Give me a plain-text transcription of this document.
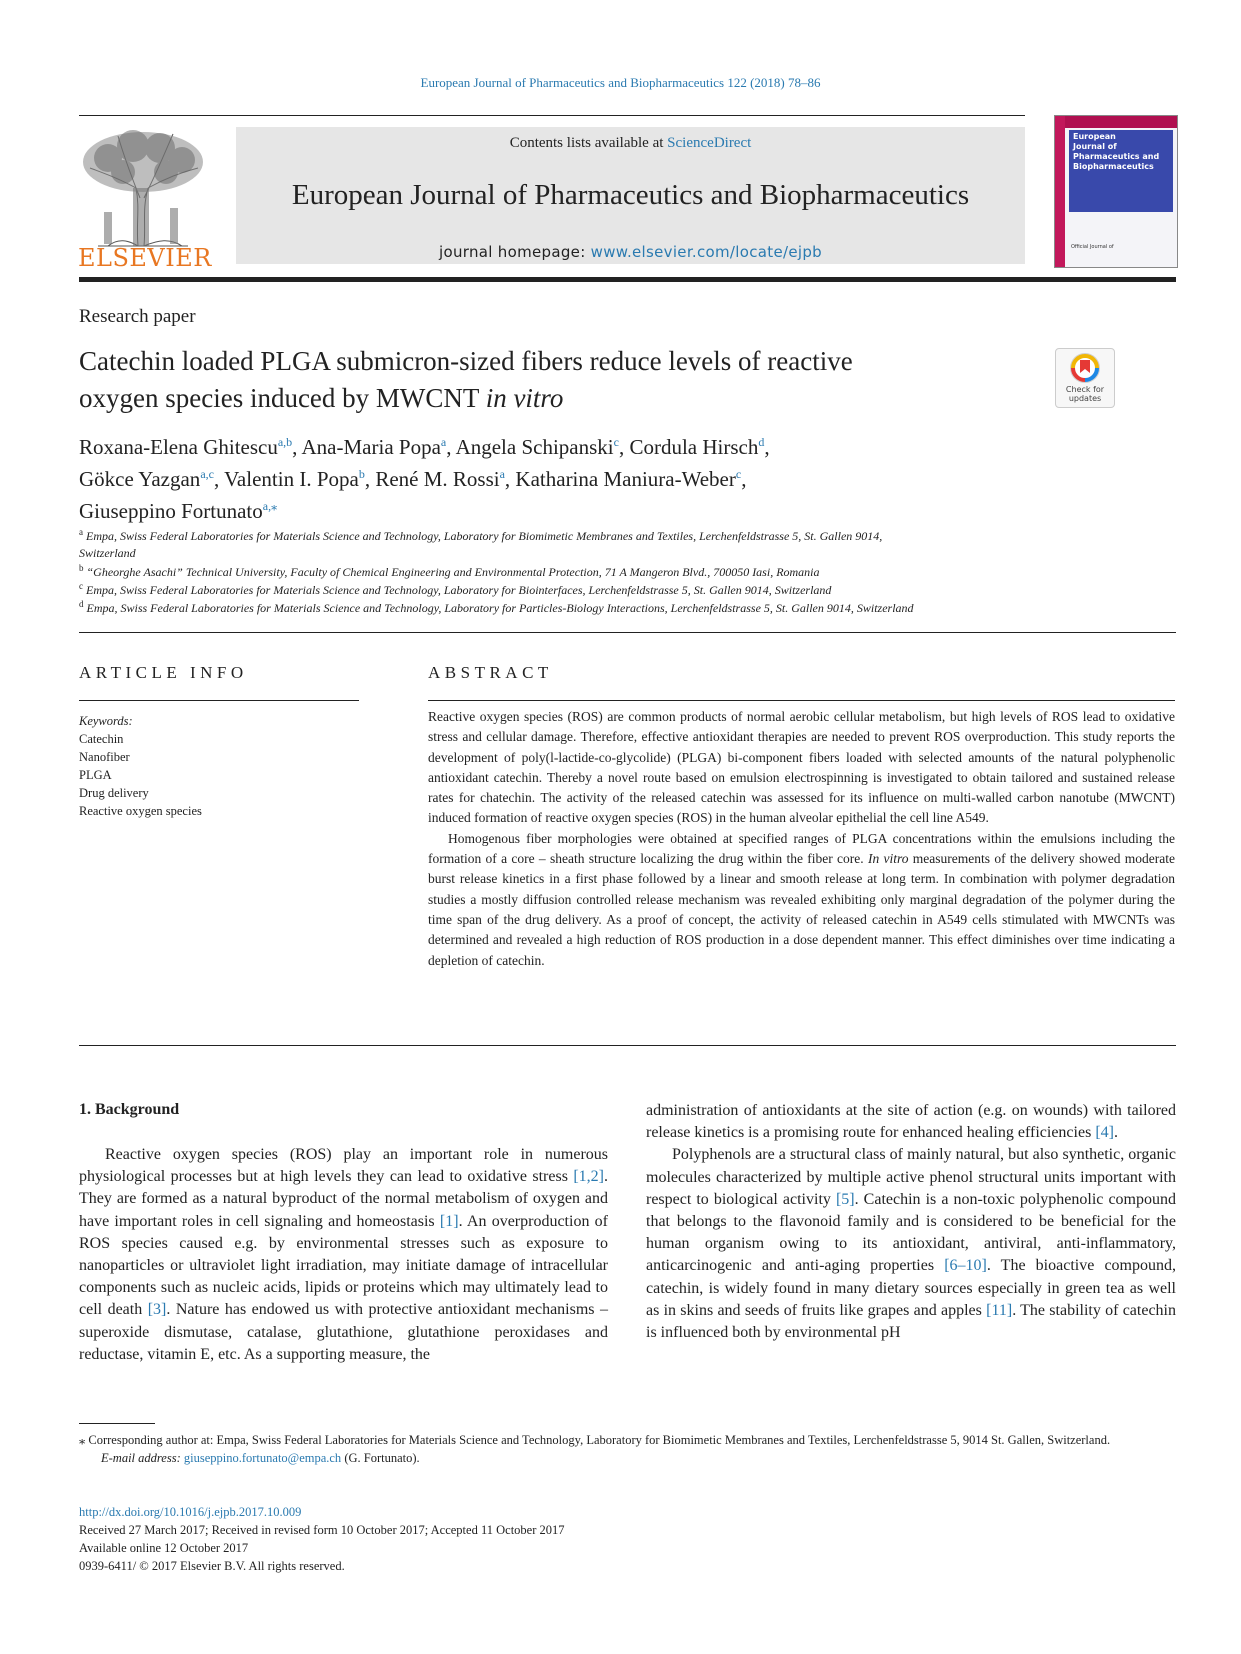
European Journal of Pharmaceutics and Biopharmaceutics 122 (2018) 78–86
ELSEVIER
Contents lists available at ScienceDirect
European Journal of Pharmaceutics and Biopharmaceutics
journal homepage: www.elsevier.com/locate/ejpb
European
Journal of
Pharmaceutics and
Biopharmaceutics
Official Journal of
Research paper
Catechin loaded PLGA submicron-sized fibers reduce levels of reactive
oxygen species induced by MWCNT in vitro	Check for
updates
Roxana-Elena Ghitescu$^{a,b}$, Ana-Maria Popa$^a$, Angela Schipanski$^c$, Cordula Hirsch$^d$,
Gökce Yazgan$^{a,c}$, Valentin I. Popa$^b$, René M. Rossi$^a$, Katharina Maniura-Weber$^c$,
Giuseppino Fortunato$^{a,⁎}$
$^a$ Empa, Swiss Federal Laboratories for Materials Science and Technology, Laboratory for Biomimetic Membranes and Textiles, Lerchenfeldstrasse 5, St. Gallen 9014,
Switzerland
$^b$ “Gheorghe Asachi” Technical University, Faculty of Chemical Engineering and Environmental Protection, 71 A Mangeron Blvd., 700050 Iasi, Romania
$^c$ Empa, Swiss Federal Laboratories for Materials Science and Technology, Laboratory for Biointerfaces, Lerchenfeldstrasse 5, St. Gallen 9014, Switzerland
$^d$ Empa, Swiss Federal Laboratories for Materials Science and Technology, Laboratory for Particles-Biology Interactions, Lerchenfeldstrasse 5, St. Gallen 9014, Switzerland
ARTICLE INFO	ABSTRACT
Keywords:
Catechin
Nanofiber
PLGA
Drug delivery
Reactive oxygen species

Reactive oxygen species (ROS) are common products of normal aerobic cellular metabolism, but high levels of ROS lead to oxidative stress and cellular damage. Therefore, effective antioxidant therapies are needed to prevent ROS overproduction. This study reports the development of poly(l-lactide-co-glycolide) (PLGA) bi-component fibers loaded with selected amounts of the natural polyphenolic antioxidant catechin. Thereby a novel route based on emulsion electrospinning is investigated to obtain tailored and sustained release rates for chatechin. The activity of the released catechin was assessed for its influence on multi-walled carbon nanotube (MWCNT) induced formation of reactive oxygen species (ROS) in the human alveolar epithelial the cell line A549.

Homogenous fiber morphologies were obtained at specified ranges of PLGA concentrations within the emulsions including the formation of a core – sheath structure localizing the drug within the fiber core. In vitro measurements of the delivery showed moderate burst release kinetics in a first phase followed by a linear and smooth release at long term. In combination with polymer degradation studies a mostly diffusion controlled release mechanism was revealed exhibiting only marginal degradation of the polymer during the time span of the drug delivery. As a proof of concept, the activity of released catechin in A549 cells stimulated with MWCNTs was determined and revealed a high reduction of ROS production in a dose dependent manner. This effect diminishes over time indicating a depletion of catechin.

1. Background

Reactive oxygen species (ROS) play an important role in numerous physiological processes but at high levels they can lead to oxidative stress [1,2]. They are formed as a natural byproduct of the normal metabolism of oxygen and have important roles in cell signaling and homeostasis [1]. An overproduction of ROS species caused e.g. by environmental stresses such as exposure to nanoparticles or ultraviolet light irradiation, may initiate damage of intracellular components such as nucleic acids, lipids or proteins which may ultimately lead to cell death [3]. Nature has endowed us with protective antioxidant mechanisms – superoxide dismutase, catalase, glutathione, glutathione peroxidases and reductase, vitamin E, etc. As a supporting measure, the

administration of antioxidants at the site of action (e.g. on wounds) with tailored release kinetics is a promising route for enhanced healing efficiencies [4].

Polyphenols are a structural class of mainly natural, but also synthetic, organic molecules characterized by multiple active phenol structural units important with respect to biological activity [5]. Catechin is a non-toxic polyphenolic compound that belongs to the flavonoid family and is considered to be beneficial for the human organism owing to its antioxidant, antiviral, anti-inflammatory, anticarcinogenic and anti-aging properties [6–10]. The bioactive compound, catechin, is widely found in many dietary sources especially in green tea as well as in skins and seeds of fruits like grapes and apples [11]. The stability of catechin is influenced both by environmental pH

⁎ Corresponding author at: Empa, Swiss Federal Laboratories for Materials Science and Technology, Laboratory for Biomimetic Membranes and Textiles, Lerchenfeldstrasse 5, 9014 St. Gallen, Switzerland.
E-mail address: giuseppino.fortunato@empa.ch (G. Fortunato).
http://dx.doi.org/10.1016/j.ejpb.2017.10.009
Received 27 March 2017; Received in revised form 10 October 2017; Accepted 11 October 2017
Available online 12 October 2017
0939-6411/ © 2017 Elsevier B.V. All rights reserved.
